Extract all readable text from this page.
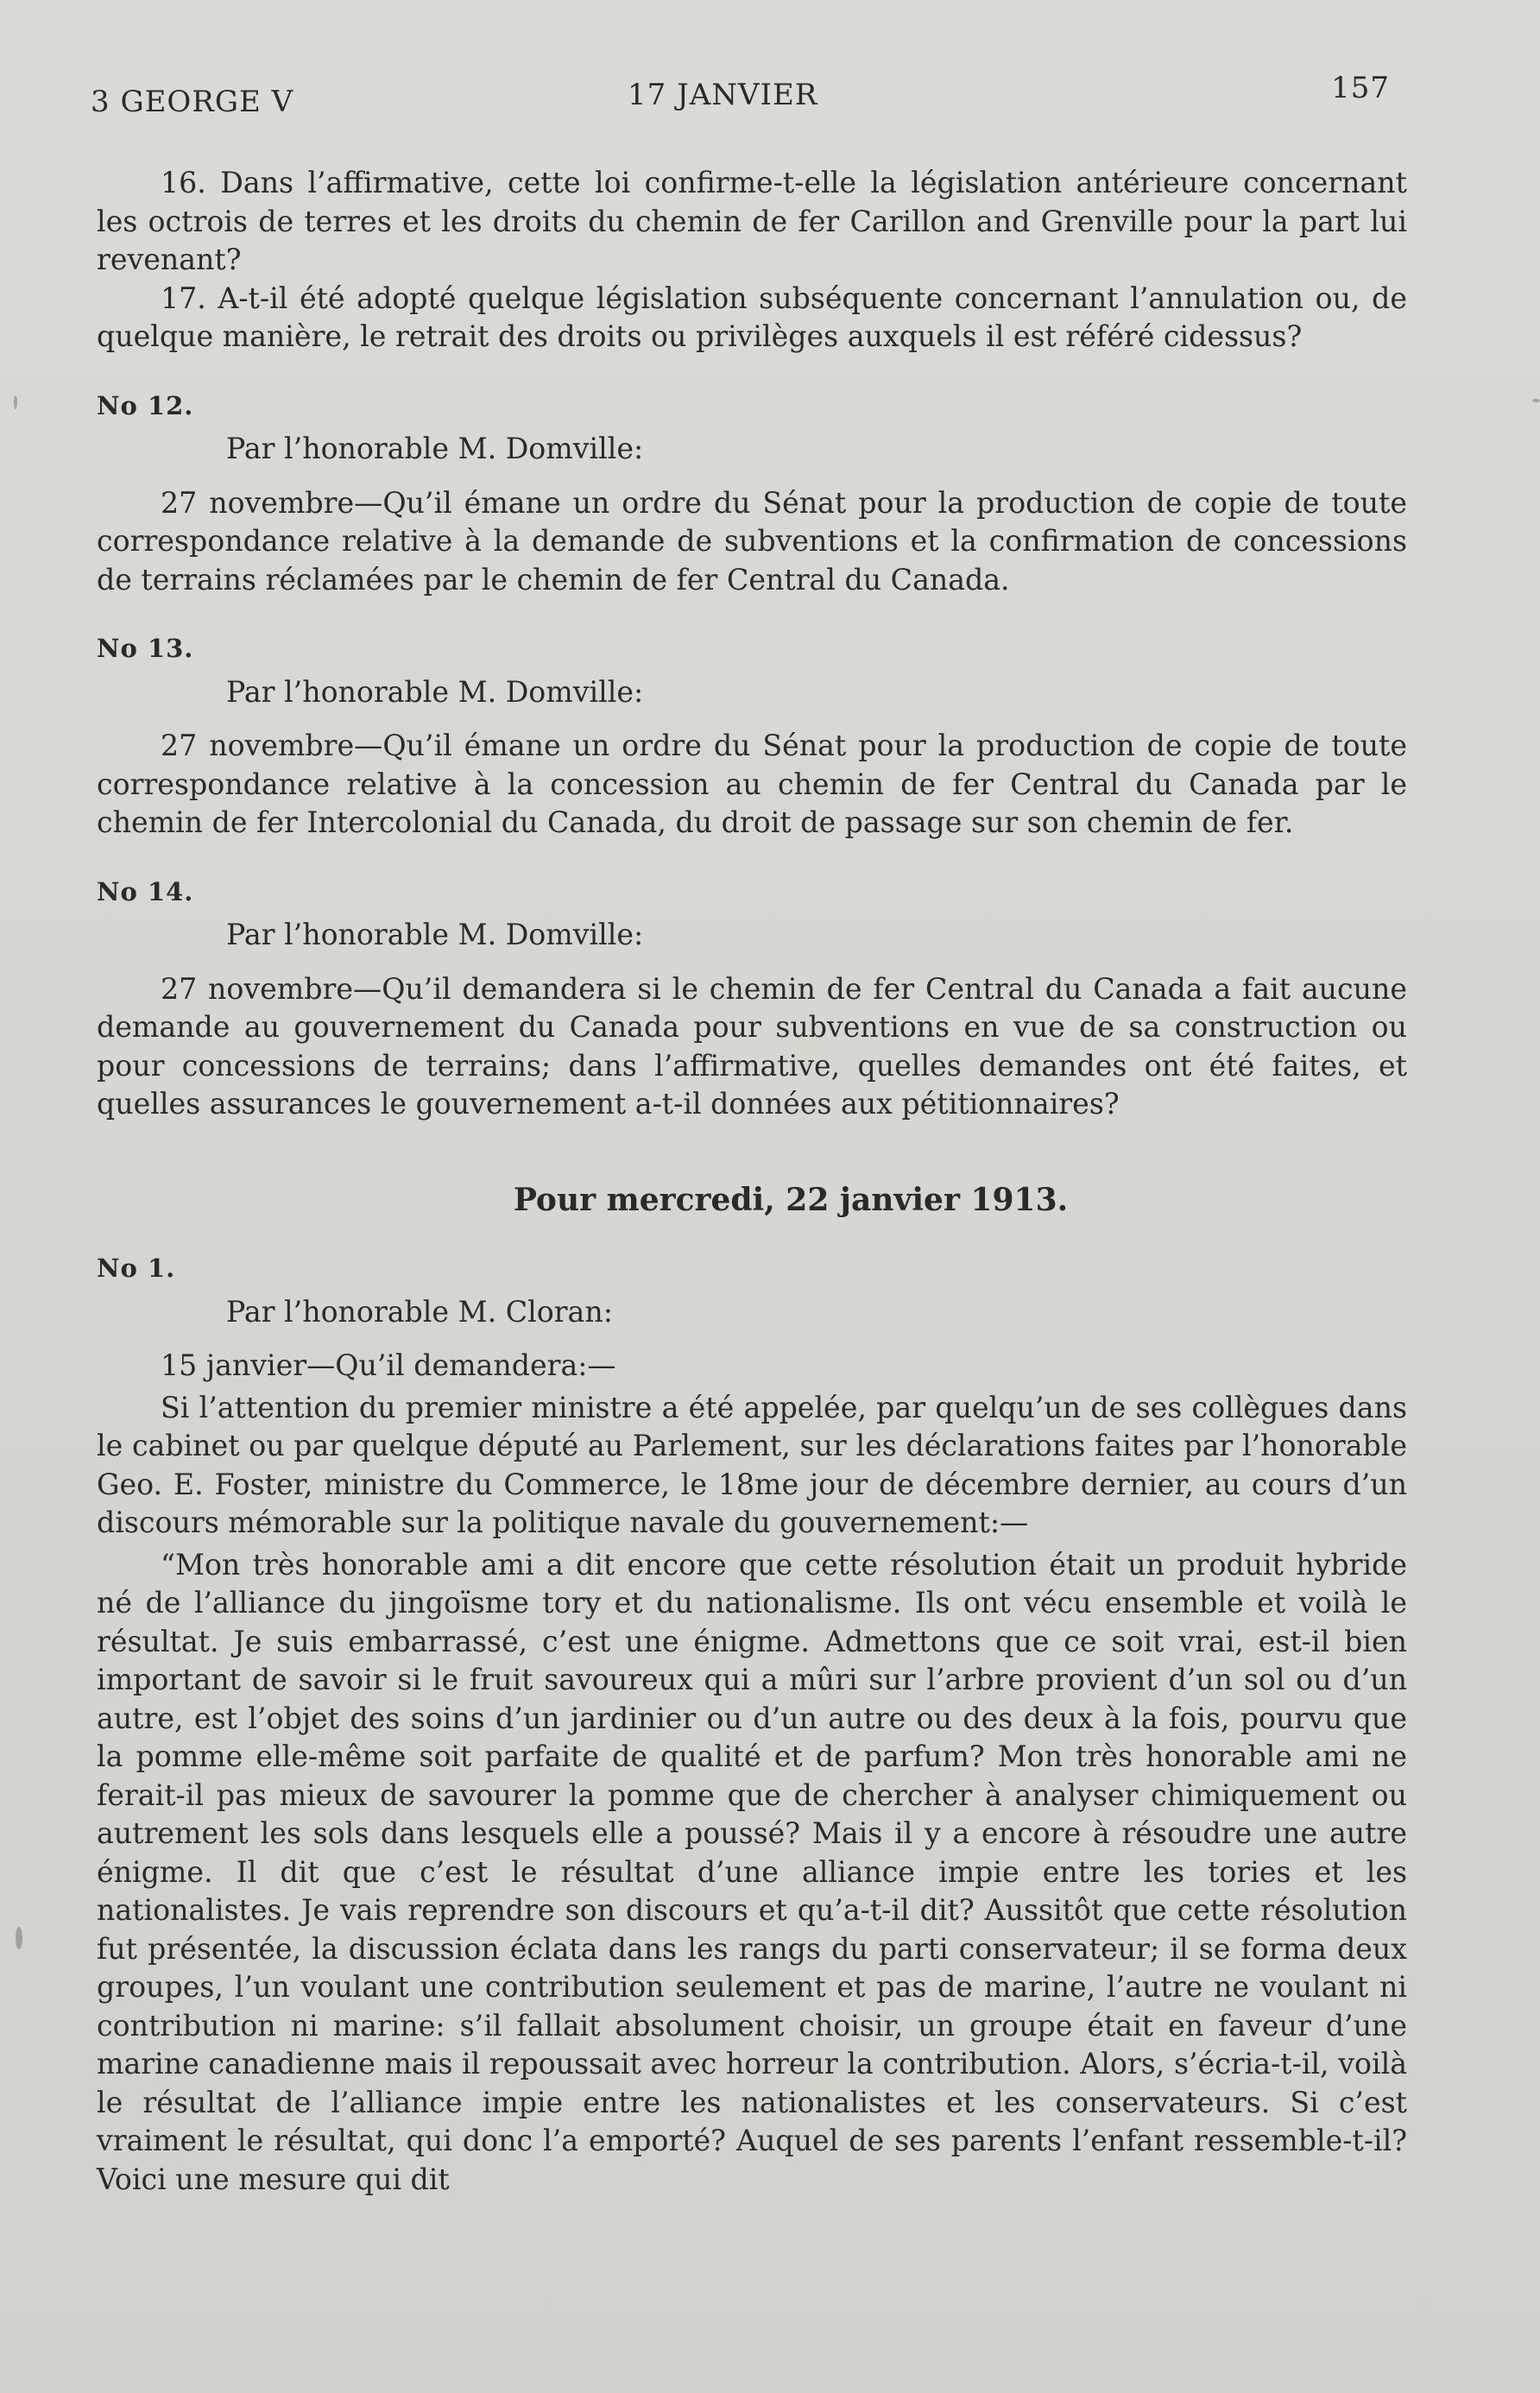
3 GEORGE V	17 JANVIER	157

16. Dans l’affirmative, cette loi confirme-t-elle la législation antérieure concernant les octrois de terres et les droits du chemin de fer Carillon and Grenville pour la part lui revenant?

17. A-t-il été adopté quelque législation subséquente concernant l’annulation ou, de quelque manière, le retrait des droits ou privilèges auxquels il est référé cidessus?

No 12.

Par l’honorable M. Domville:

27 novembre—Qu’il émane un ordre du Sénat pour la production de copie de toute correspondance relative à la demande de subventions et la confirmation de concessions de terrains réclamées par le chemin de fer Central du Canada.

No 13.

Par l’honorable M. Domville:

27 novembre—Qu’il émane un ordre du Sénat pour la production de copie de toute correspondance relative à la concession au chemin de fer Central du Canada par le chemin de fer Intercolonial du Canada, du droit de passage sur son chemin de fer.

No 14.

Par l’honorable M. Domville:

27 novembre—Qu’il demandera si le chemin de fer Central du Canada a fait aucune demande au gouvernement du Canada pour subventions en vue de sa construction ou pour concessions de terrains; dans l’affirmative, quelles demandes ont été faites, et quelles assurances le gouvernement a-t-il données aux pétitionnaires?

Pour mercredi, 22 janvier 1913.

No 1.

Par l’honorable M. Cloran:

15 janvier—Qu’il demandera:—

Si l’attention du premier ministre a été appelée, par quelqu’un de ses collègues dans le cabinet ou par quelque député au Parlement, sur les déclarations faites par l’honorable Geo. E. Foster, ministre du Commerce, le 18me jour de décembre dernier, au cours d’un discours mémorable sur la politique navale du gouvernement:—

“Mon très honorable ami a dit encore que cette résolution était un produit hybride né de l’alliance du jingoïsme tory et du nationalisme. Ils ont vécu ensemble et voilà le résultat. Je suis embarrassé, c’est une énigme. Admettons que ce soit vrai, est-il bien important de savoir si le fruit savoureux qui a mûri sur l’arbre provient d’un sol ou d’un autre, est l’objet des soins d’un jardinier ou d’un autre ou des deux à la fois, pourvu que la pomme elle-même soit parfaite de qualité et de parfum? Mon très honorable ami ne ferait-il pas mieux de savourer la pomme que de chercher à analyser chimiquement ou autrement les sols dans lesquels elle a poussé? Mais il y a encore à résoudre une autre énigme. Il dit que c’est le résultat d’une alliance impie entre les tories et les nationalistes. Je vais reprendre son discours et qu’a-t-il dit? Aussitôt que cette résolution fut présentée, la discussion éclata dans les rangs du parti conservateur; il se forma deux groupes, l’un voulant une contribution seulement et pas de marine, l’autre ne voulant ni contribution ni marine: s’il fallait absolument choisir, un groupe était en faveur d’une marine canadienne mais il repoussait avec horreur la contribution. Alors, s’écria-t-il, voilà le résultat de l’alliance impie entre les nationalistes et les conservateurs. Si c’est vraiment le résultat, qui donc l’a emporté? Auquel de ses parents l’enfant ressemble-t-il? Voici une mesure qui dit
